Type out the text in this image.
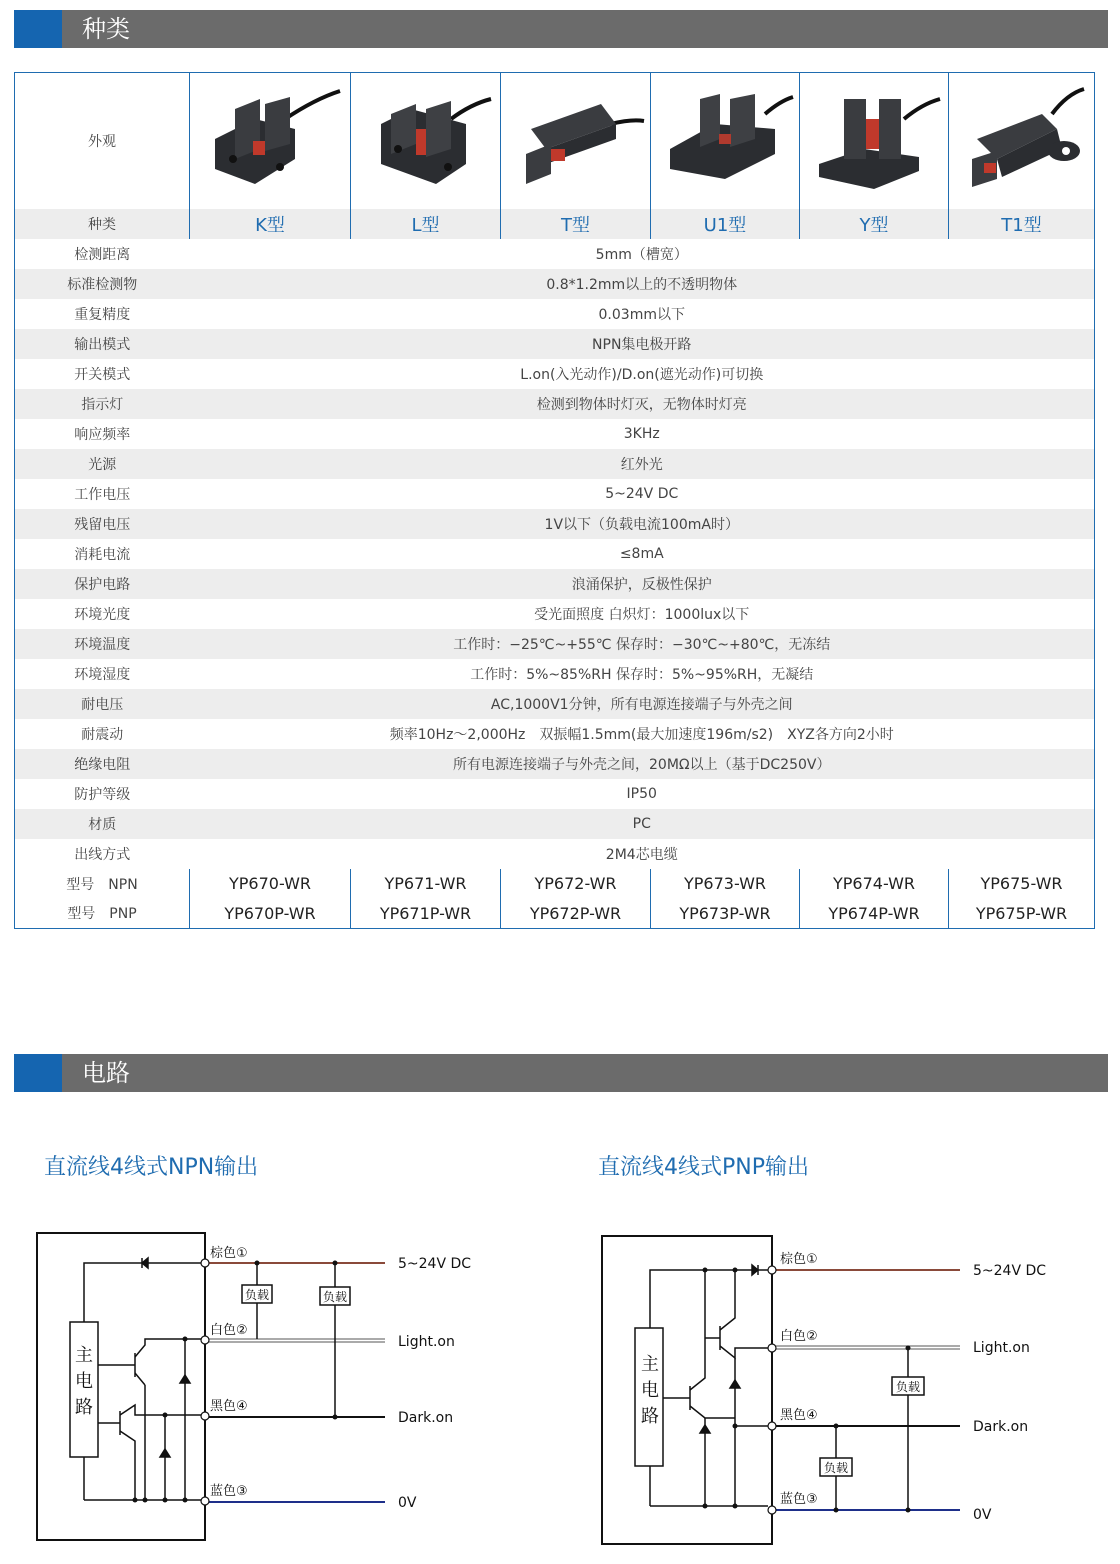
种类
外观						
种类	K型	L型	T型	U1型	Y型	T1型
检测距离	5mm（槽宽）					
标准检测物	0.8*1.2mm以上的不透明物体					
重复精度	0.03mm以下					
输出模式	NPN集电极开路					
开关模式	L.on(入光动作)/D.on(遮光动作)可切换					
指示灯	检测到物体时灯灭，无物体时灯亮					
响应频率	3KHz					
光源	红外光					
工作电压	5~24V DC					
残留电压	1V以下（负载电流100mA时）					
消耗电流	≤8mA					
保护电路	浪涌保护，反极性保护					
环境光度	受光面照度 白炽灯：1000lux以下					
环境温度	工作时：−25℃~+55℃ 保存时：−30℃~+80℃，无冻结					
环境湿度	工作时：5%~85%RH 保存时：5%~95%RH，无凝结					
耐电压	AC,1000V1分钟，所有电源连接端子与外壳之间					
耐震动	频率10Hz～2,000Hz　双振幅1.5mm(最大加速度196m/s2)　XYZ各方向2小时					
绝缘电阻	所有电源连接端子与外壳之间，20MΩ以上（基于DC250V）					
防护等级	IP50					
材质	PC					
出线方式	2M4芯电缆					
型号　NPN	YP670-WR	YP671-WR	YP672-WR	YP673-WR	YP674-WR	YP675-WR
型号　PNP	YP670P-WR	YP671P-WR	YP672P-WR	YP673P-WR	YP674P-WR	YP675P-WR
电路
直流线4线式NPN输出	直流线4线式PNP输出
主
电
路
棕色①
白色②
黑色④
蓝色③
负载	负载
5~24V DC
Light.on
Dark.on
0V
主
电
路
棕色①
白色②
黑色④
蓝色③
负载
负载
5~24V DC
Light.on
Dark.on
0V
